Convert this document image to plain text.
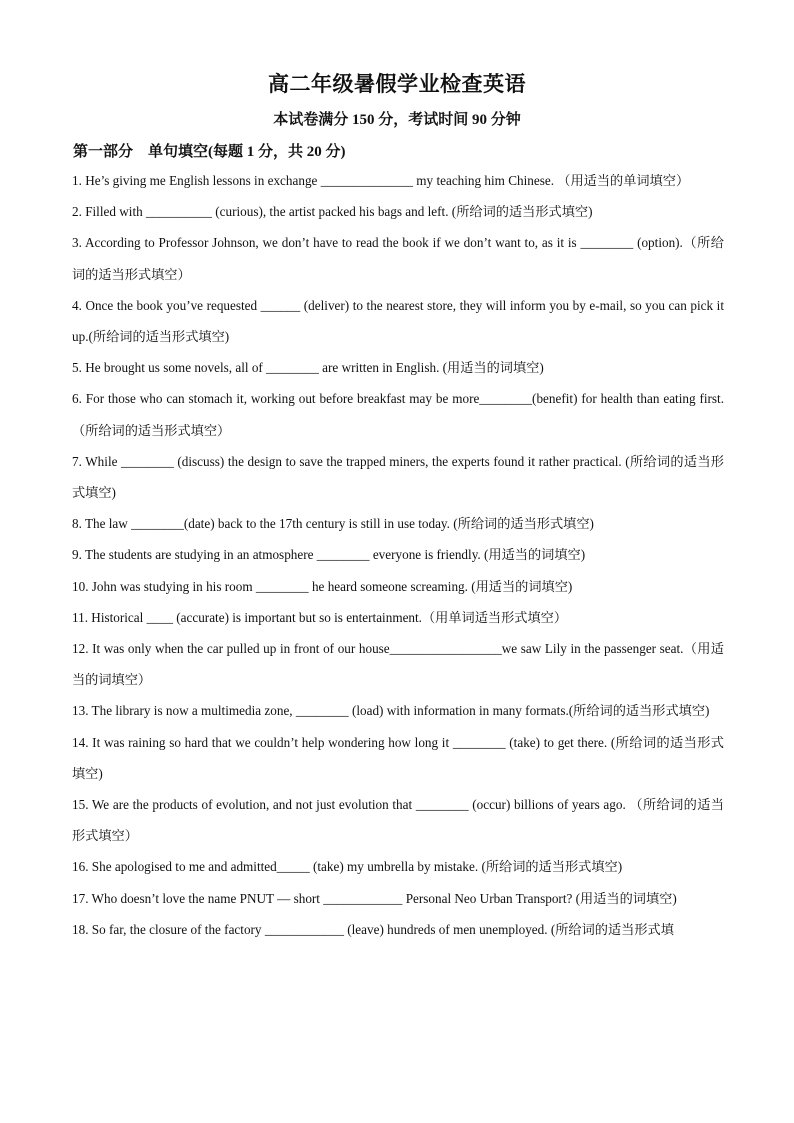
高二年级暑假学业检查英语
本试卷满分 150 分，考试时间 90 分钟
第一部分　单句填空(每题 1 分，共 20 分)

1. He’s giving me English lessons in exchange ______________ my teaching him Chinese. （用适当的单词填空）

2. Filled with __________ (curious), the artist packed his bags and left. (所给词的适当形式填空)

3. According to Professor Johnson, we don’t have to read the book if we don’t want to, as it is ________ (option).（所给词的适当形式填空）

4. Once the book you’ve requested ______ (deliver) to the nearest store, they will inform you by e-mail, so you can pick it up.(所给词的适当形式填空)

5. He brought us some novels, all of ________ are written in English. (用适当的词填空)

6. For those who can stomach it, working out before breakfast may be more________(benefit) for health than eating first. （所给词的适当形式填空）

7. While ________ (discuss) the design to save the trapped miners, the experts found it rather practical. (所给词的适当形式填空)

8. The law ________(date) back to the 17th century is still in use today. (所给词的适当形式填空)

9. The students are studying in an atmosphere ________ everyone is friendly. (用适当的词填空)

10. John was studying in his room ________ he heard someone screaming. (用适当的词填空)

11. Historical ____ (accurate) is important but so is entertainment.（用单词适当形式填空）

12. It was only when the car pulled up in front of our house_________________we saw Lily in the passenger seat.（用适当的词填空）

13. The library is now a multimedia zone, ________ (load) with information in many formats.(所给词的适当形式填空)

14. It was raining so hard that we couldn’t help wondering how long it ________ (take) to get there. (所给词的适当形式填空)

15. We are the products of evolution, and not just evolution that ________ (occur) billions of years ago. （所给词的适当形式填空）

16. She apologised to me and admitted_____ (take) my umbrella by mistake. (所给词的适当形式填空)

17. Who doesn’t love the name PNUT — short ____________ Personal Neo Urban Transport? (用适当的词填空)

18. So far, the closure of the factory ____________ (leave) hundreds of men unemployed. (所给词的适当形式填
